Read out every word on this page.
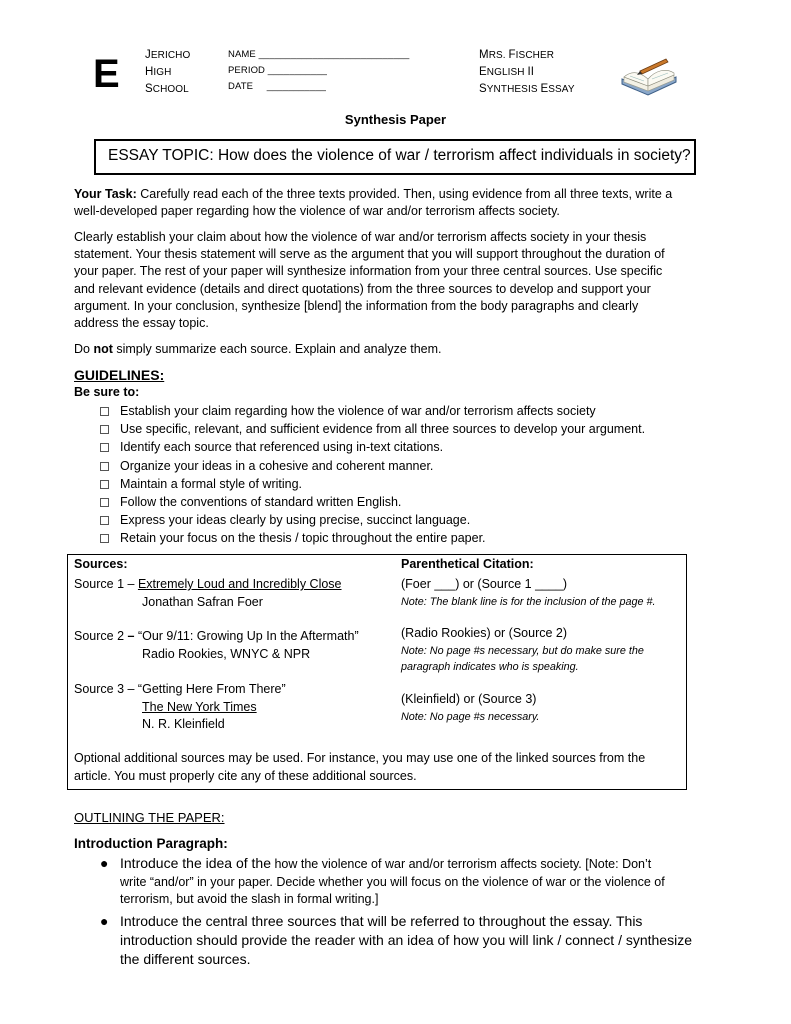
E JERICHO
HIGH
SCHOOL
NAME ____________________________
PERIOD ___________
DATE ___________
MRS. FISCHER
ENGLISH II
SYNTHESIS ESSAY
Synthesis Paper
ESSAY TOPIC: How does the violence of war / terrorism affect individuals in society?

Your Task: Carefully read each of the three texts provided. Then, using evidence from all three texts, write a

well-developed paper regarding how the violence of war and/or terrorism affects society.

Clearly establish your claim about how the violence of war and/or terrorism affects society in your thesis

statement. Your thesis statement will serve as the argument that you will support throughout the duration of

your paper. The rest of your paper will synthesize information from your three central sources. Use specific

and relevant evidence (details and direct quotations) from the three sources to develop and support your

argument. In your conclusion, synthesize [blend] the information from the body paragraphs and clearly

address the essay topic.

Do not simply summarize each source. Explain and analyze them.

GUIDELINES:
Be sure to:
Establish your claim regarding how the violence of war and/or terrorism affects society
Use specific, relevant, and sufficient evidence from all three sources to develop your argument.
Identify each source that referenced using in-text citations.
Organize your ideas in a cohesive and coherent manner.
Maintain a formal style of writing.
Follow the conventions of standard written English.
Express your ideas clearly by using precise, succinct language.
Retain your focus on the thesis / topic throughout the entire paper.
Sources:	Parenthetical Citation:
Source 1 – Extremely Loud and Incredibly Close
Jonathan Safran Foer
(Foer ___) or (Source 1 ____)
Note: The blank line is for the inclusion of the page #.
Source 2 – “Our 9/11: Growing Up In the Aftermath”
Radio Rookies, WNYC & NPR
(Radio Rookies) or (Source 2)
Note: No page #s necessary, but do make sure the
paragraph indicates who is speaking.
Source 3 – “Getting Here From There”
The New York Times
N. R. Kleinfield
(Kleinfield) or (Source 3)
Note: No page #s necessary.
Optional additional sources may be used. For instance, you may use one of the linked sources from the
article. You must properly cite any of these additional sources.
OUTLINING THE PAPER:
Introduction Paragraph:
● Introduce the idea of the how the violence of war and/or terrorism affects society. [Note: Don’t
write “and/or” in your paper. Decide whether you will focus on the violence of war or the violence of
terrorism, but avoid the slash in formal writing.]
● Introduce the central three sources that will be referred to throughout the essay. This
introduction should provide the reader with an idea of how you will link / connect / synthesize
the different sources.
